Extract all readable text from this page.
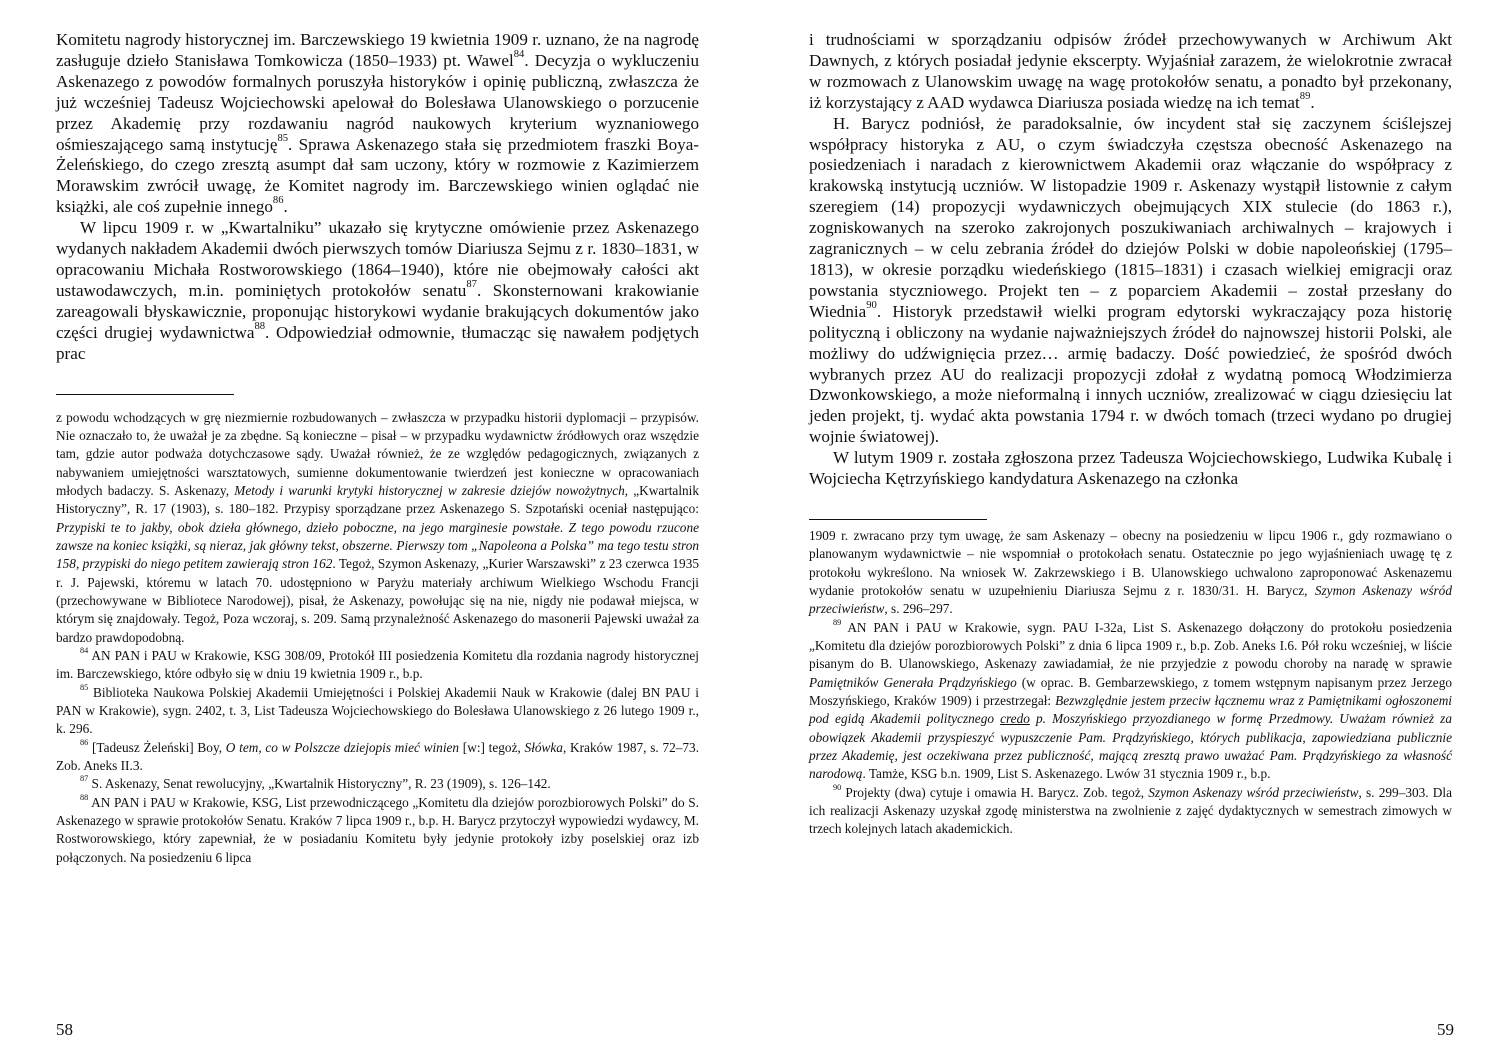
Komitetu nagrody historycznej im. Barczewskiego 19 kwietnia 1909 r. uznano, że na nagrodę zasługuje dzieło Stanisława Tomkowicza (1850–1933) pt. Wawel$^{84}$. Decyzja o wykluczeniu Askenazego z powodów formalnych poruszyła historyków i opinię publiczną, zwłaszcza że już wcześniej Tadeusz Wojciechowski apelował do Bolesława Ulanowskiego o porzucenie przez Akademię przy rozdawaniu nagród naukowych kryterium wyznaniowego ośmieszającego samą instytucję$^{85}$. Sprawa Askenazego stała się przedmiotem fraszki Boya-Żeleńskiego, do czego zresztą asumpt dał sam uczony, który w rozmowie z Kazimierzem Morawskim zwrócił uwagę, że Komitet nagrody im. Barczewskiego winien oglądać nie książki, ale coś zupełnie innego$^{86}$.

W lipcu 1909 r. w „Kwartalniku” ukazało się krytyczne omówienie przez Askenazego wydanych nakładem Akademii dwóch pierwszych tomów Diariusza Sejmu z r. 1830–1831, w opracowaniu Michała Rostworowskiego (1864–1940), które nie obejmowały całości akt ustawodawczych, m.in. pominiętych protokołów senatu$^{87}$. Skonsternowani krakowianie zareagowali błyskawicznie, proponując historykowi wydanie brakujących dokumentów jako części drugiej wydawnictwa$^{88}$. Odpowiedział odmownie, tłumacząc się nawałem podjętych prac

z powodu wchodzących w grę niezmiernie rozbudowanych – zwłaszcza w przypadku historii dyplomacji – przypisów. Nie oznaczało to, że uważał je za zbędne. Są konieczne – pisał – w przypadku wydawnictw źródłowych oraz wszędzie tam, gdzie autor podważa dotychczasowe sądy. Uważał również, że ze względów pedagogicznych, związanych z nabywaniem umiejętności warsztatowych, sumienne dokumentowanie twierdzeń jest konieczne w opracowaniach młodych badaczy. S. Askenazy, Metody i warunki krytyki historycznej w zakresie dziejów nowożytnych, „Kwartalnik Historyczny”, R. 17 (1903), s. 180–182. Przypisy sporządzane przez Askenazego S. Szpotański oceniał następująco: Przypiski te to jakby, obok dzieła głównego, dzieło poboczne, na jego marginesie powstałe. Z tego powodu rzucone zawsze na koniec książki, są nieraz, jak główny tekst, obszerne. Pierwszy tom „Napoleona a Polska” ma tego testu stron 158, przypiski do niego petitem zawierają stron 162. Tegoż, Szymon Askenazy, „Kurier Warszawski” z 23 czerwca 1935 r. J. Pajewski, któremu w latach 70. udostępniono w Paryżu materiały archiwum Wielkiego Wschodu Francji (przechowywane w Bibliotece Narodowej), pisał, że Askenazy, powołując się na nie, nigdy nie podawał miejsca, w którym się znajdowały. Tegoż, Poza wczoraj, s. 209. Samą przynależność Askenazego do masonerii Pajewski uważał za bardzo prawdopodobną.

$^{84}$ AN PAN i PAU w Krakowie, KSG 308/09, Protokół III posiedzenia Komitetu dla rozdania nagrody historycznej im. Barczewskiego, które odbyło się w dniu 19 kwietnia 1909 r., b.p.

$^{85}$ Biblioteka Naukowa Polskiej Akademii Umiejętności i Polskiej Akademii Nauk w Krakowie (dalej BN PAU i PAN w Krakowie), sygn. 2402, t. 3, List Tadeusza Wojciechowskiego do Bolesława Ulanowskiego z 26 lutego 1909 r., k. 296.

$^{86}$ [Tadeusz Żeleński] Boy, O tem, co w Polszcze dziejopis mieć winien [w:] tegoż, Słówka, Kraków 1987, s. 72–73. Zob. Aneks II.3.

$^{87}$ S. Askenazy, Senat rewolucyjny, „Kwartalnik Historyczny”, R. 23 (1909), s. 126–142.

$^{88}$ AN PAN i PAU w Krakowie, KSG, List przewodniczącego „Komitetu dla dziejów porozbiorowych Polski” do S. Askenazego w sprawie protokołów Senatu. Kraków 7 lipca 1909 r., b.p. H. Barycz przytoczył wypowiedzi wydawcy, M. Rostworowskiego, który zapewniał, że w posiadaniu Komitetu były jedynie protokoły izby poselskiej oraz izb połączonych. Na posiedzeniu 6 lipca

i trudnościami w sporządzaniu odpisów źródeł przechowywanych w Archiwum Akt Dawnych, z których posiadał jedynie ekscerpty. Wyjaśniał zarazem, że wielokrotnie zwracał w rozmowach z Ulanowskim uwagę na wagę protokołów senatu, a ponadto był przekonany, iż korzystający z AAD wydawca Diariusza posiada wiedzę na ich temat$^{89}$.

H. Barycz podniósł, że paradoksalnie, ów incydent stał się zaczynem ściślejszej współpracy historyka z AU, o czym świadczyła częstsza obecność Askenazego na posiedzeniach i naradach z kierownictwem Akademii oraz włączanie do współpracy z krakowską instytucją uczniów. W listopadzie 1909 r. Askenazy wystąpił listownie z całym szeregiem (14) propozycji wydawniczych obejmujących XIX stulecie (do 1863 r.), zogniskowanych na szeroko zakrojonych poszukiwaniach archiwalnych – krajowych i zagranicznych – w celu zebrania źródeł do dziejów Polski w dobie napoleońskiej (1795–1813), w okresie porządku wiedeńskiego (1815–1831) i czasach wielkiej emigracji oraz powstania styczniowego. Projekt ten – z poparciem Akademii – został przesłany do Wiednia$^{90}$. Historyk przedstawił wielki program edytorski wykraczający poza historię polityczną i obliczony na wydanie najważniejszych źródeł do najnowszej historii Polski, ale możliwy do udźwignięcia przez… armię badaczy. Dość powiedzieć, że spośród dwóch wybranych przez AU do realizacji propozycji zdołał z wydatną pomocą Włodzimierza Dzwonkowskiego, a może nieformalną i innych uczniów, zrealizować w ciągu dziesięciu lat jeden projekt, tj. wydać akta powstania 1794 r. w dwóch tomach (trzeci wydano po drugiej wojnie światowej).

W lutym 1909 r. została zgłoszona przez Tadeusza Wojciechowskiego, Ludwika Kubalę i Wojciecha Kętrzyńskiego kandydatura Askenazego na członka

1909 r. zwracano przy tym uwagę, że sam Askenazy – obecny na posiedzeniu w lipcu 1906 r., gdy rozmawiano o planowanym wydawnictwie – nie wspomniał o protokołach senatu. Ostatecznie po jego wyjaśnieniach uwagę tę z protokołu wykreślono. Na wniosek W. Zakrzewskiego i B. Ulanowskiego uchwalono zaproponować Askenazemu wydanie protokołów senatu w uzupełnieniu Diariusza Sejmu z r. 1830/31. H. Barycz, Szymon Askenazy wśród przeciwieństw, s. 296–297.

$^{89}$ AN PAN i PAU w Krakowie, sygn. PAU I-32a, List S. Askenazego dołączony do protokołu posiedzenia „Komitetu dla dziejów porozbiorowych Polski” z dnia 6 lipca 1909 r., b.p. Zob. Aneks I.6. Pół roku wcześniej, w liście pisanym do B. Ulanowskiego, Askenazy zawiadamiał, że nie przyjedzie z powodu choroby na naradę w sprawie Pamiętników Generała Prądzyńskiego (w oprac. B. Gembarzewskiego, z tomem wstępnym napisanym przez Jerzego Moszyńskiego, Kraków 1909) i przestrzegał: Bezwzględnie jestem przeciw łącznemu wraz z Pamiętnikami ogłoszonemi pod egidą Akademii politycznego credo p. Moszyńskiego przyozdianego w formę Przedmowy. Uważam również za obowiązek Akademii przyspieszyć wypuszczenie Pam. Prądzyńskiego, których publikacja, zapowiedziana publicznie przez Akademię, jest oczekiwana przez publiczność, mającą zresztą prawo uważać Pam. Prądzyńskiego za własność narodową. Tamże, KSG b.n. 1909, List S. Askenazego. Lwów 31 stycznia 1909 r., b.p.

$^{90}$ Projekty (dwa) cytuje i omawia H. Barycz. Zob. tegoż, Szymon Askenazy wśród przeciwieństw, s. 299–303. Dla ich realizacji Askenazy uzyskał zgodę ministerstwa na zwolnienie z zajęć dydaktycznych w semestrach zimowych w trzech kolejnych latach akademickich.

58	59
